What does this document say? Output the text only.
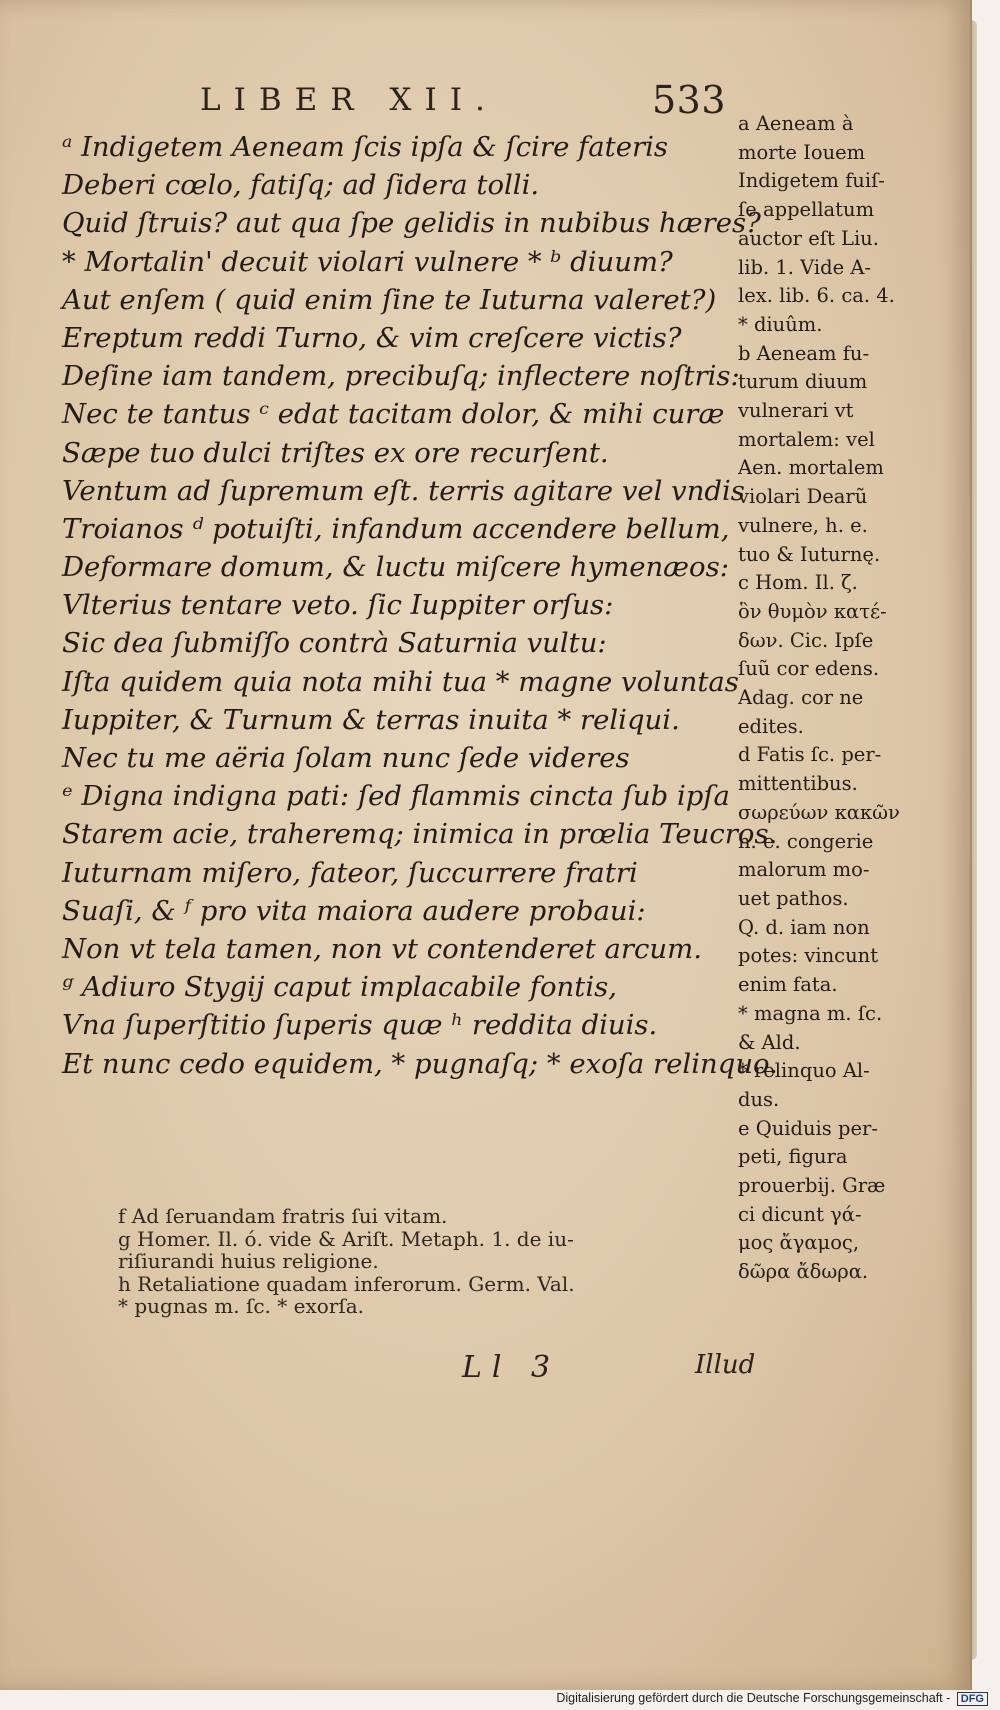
LIBER XII.	533
ᵃ Indigetem Aeneam ſcis ipſa & ſcire fateris
Deberi cœlo, fatiſq; ad ſidera tolli.
Quid ſtruis? aut qua ſpe gelidis in nubibus hæres?
* Mortalin' decuit violari vulnere * ᵇ diuum?
Aut enſem ( quid enim ſine te Iuturna valeret?)
Ereptum reddi Turno, & vim creſcere victis?
Deſine iam tandem, precibuſq; inflectere noſtris:
Nec te tantus ᶜ edat tacitam dolor, & mihi curæ
Sæpe tuo dulci triſtes ex ore recurſent.
Ventum ad ſupremum eſt. terris agitare vel vndis
Troianos ᵈ potuiſti, infandum accendere bellum,
Deformare domum, & luctu miſcere hymenæos:
Vlterius tentare veto. ſic Iuppiter orſus:
Sic dea ſubmiſſo contrà Saturnia vultu:
Iſta quidem quia nota mihi tua * magne voluntas
Iuppiter, & Turnum & terras inuita * reliqui.
Nec tu me aëria ſolam nunc ſede videres
ᵉ Digna indigna pati: ſed flammis cincta ſub ipſa
Starem acie, traheremq; inimica in prœlia Teucros.
Iuturnam miſero, fateor, ſuccurrere fratri
Suaſi, & ᶠ pro vita maiora audere probaui:
Non vt tela tamen, non vt contenderet arcum.
ᵍ Adiuro Stygij caput implacabile fontis,
Vna ſuperſtitio ſuperis quæ ʰ reddita diuis.
Et nunc cedo equidem, * pugnaſq; * exoſa relinquo.
f Ad ſeruandam fratris ſui vitam.
g Homer. Il. ό. vide & Ariſt. Metaph. 1. de iu-
riſiurandi huius religione.
h Retaliatione quadam inferorum. Germ. Val.
* pugnas m. ſc. * exorſa.
a Aeneam à
morte Iouem
Indigetem fuiſ-
ſe appellatum
auctor eſt Liu.
lib. 1. Vide A-
lex. lib. 6. ca. 4.
* diuûm.
b Aeneam fu-
turum diuum
vulnerari vt
mortalem: vel
Aen. mortalem
violari Dearũ
vulnere, h. e.
tuo & Iuturnę.
c Hom. Il. ζ.
ὃν θυμὸν κατέ-
δων. Cic. Ipſe
ſuũ cor edens.
Adag. cor ne
edites.
d Fatis ſc. per-
mittentibus.
σωρεύων κακῶν
h. e. congerie
malorum mo-
uet pathos.
Q. d. iam non
potes: vincunt
enim fata.
* magna m. ſc.
& Ald.
* relinquo Al-
dus.
e Quiduis per-
peti, figura
prouerbij. Græ
ci dicunt γά-
μος ἄγαμος,
δῶρα ἄδωρα.
Ll 3	Illud
Digitalisierung gefördert durch die Deutsche Forschungsgemeinschaft - DFG
